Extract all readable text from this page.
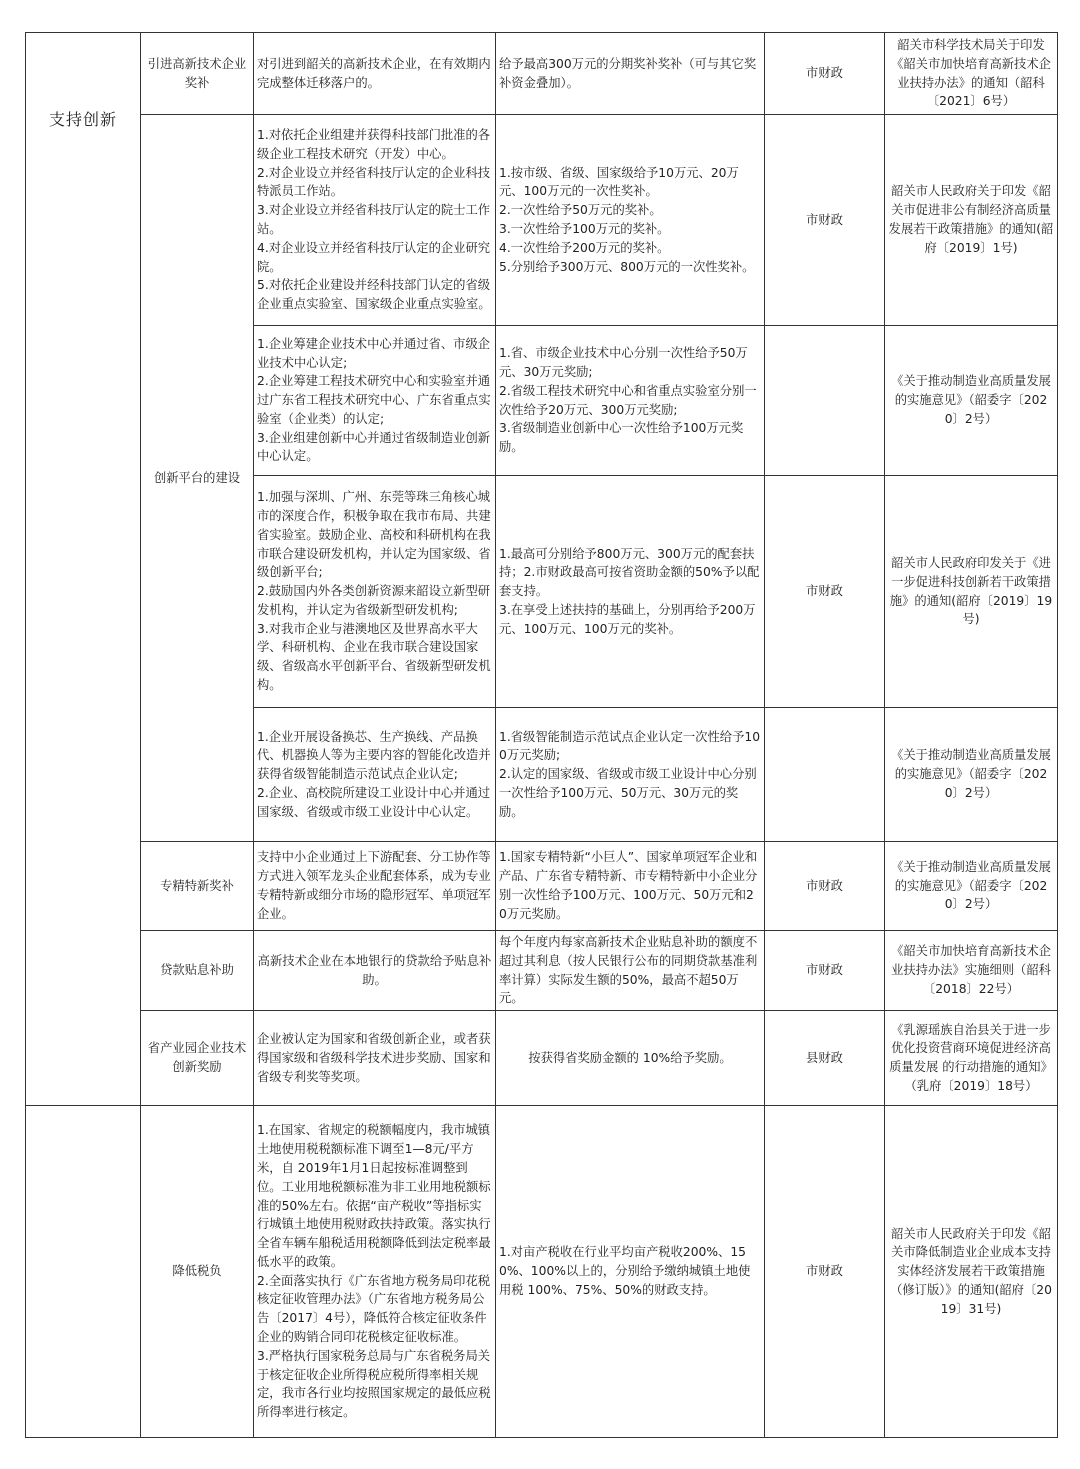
支持创新	引进高新技术企业奖补	对引进到韶关的高新技术企业，在有效期内完成整体迁移落户的。	给予最高300万元的分期奖补奖补（可与其它奖补资金叠加）。	市财政	韶关市科学技术局关于印发《韶关市加快培育高新技术企业扶持办法》的通知（韶科〔2021〕6号）
	创新平台的建设	1.对依托企业组建并获得科技部门批准的各级企业工程技术研究（开发）中心。
2.对企业设立并经省科技厅认定的企业科技特派员工作站。
3.对企业设立并经省科技厅认定的院士工作站。
4.对企业设立并经省科技厅认定的企业研究院。
5.对依托企业建设并经科技部门认定的省级企业重点实验室、国家级企业重点实验室。	1.按市级、省级、国家级给予10万元、20万元、100万元的一次性奖补。
2.一次性给予50万元的奖补。
3.一次性给予100万元的奖补。
4.一次性给予200万元的奖补。
5.分别给予300万元、800万元的一次性奖补。	市财政	韶关市人民政府关于印发《韶关市促进非公有制经济高质量发展若干政策措施》的通知(韶府〔2019〕1号)

		1.企业筹建企业技术中心并通过省、市级企业技术中心认定;
2.企业筹建工程技术研究中心和实验室并通过广东省工程技术研究中心、广东省重点实验室（企业类）的认定;
3.企业组建创新中心并通过省级制造业创新中心认定。	1.省、市级企业技术中心分别一次性给予50万元、30万元奖励;
2.省级工程技术研究中心和省重点实验室分别一次性给予20万元、300万元奖励;
3.省级制造业创新中心一次性给予100万元奖励。		《关于推动制造业高质量发展的实施意见》（韶委字〔2020〕2号）

		1.加强与深圳、广州、东莞等珠三角核心城市的深度合作，积极争取在我市布局、共建省实验室。鼓励企业、高校和科研机构在我市联合建设研发机构，并认定为国家级、省级创新平台;
2.鼓励国内外各类创新资源来韶设立新型研发机构，并认定为省级新型研发机构;
3.对我市企业与港澳地区及世界高水平大学、科研机构、企业在我市联合建设国家级、省级高水平创新平台、省级新型研发机构。	1.最高可分别给予800万元、300万元的配套扶持；2.市财政最高可按省资助金额的50%予以配套支持。
3.在享受上述扶持的基础上，分别再给予200万元、100万元、100万元的奖补。	市财政	韶关市人民政府印发关于《进一步促进科技创新若干政策措施》的通知(韶府〔2019〕19号)

		1.企业开展设备换芯、生产换线、产品换代、机器换人等为主要内容的智能化改造并获得省级智能制造示范试点企业认定;
2.企业、高校院所建设工业设计中心并通过国家级、省级或市级工业设计中心认定。	1.省级智能制造示范试点企业认定一次性给予100万元奖励;
2.认定的国家级、省级或市级工业设计中心分别一次性给予100万元、50万元、30万元的奖励。		《关于推动制造业高质量发展的实施意见》（韶委字〔2020〕2号）
	专精特新奖补	支持中小企业通过上下游配套、分工协作等方式进入领军龙头企业配套体系，成为专业专精特新或细分市场的隐形冠军、单项冠军企业。	1.国家专精特新“小巨人”、国家单项冠军企业和产品、广东省专精特新、市专精特新中小企业分别一次性给予100万元、100万元、50万元和20万元奖励。	市财政	《关于推动制造业高质量发展的实施意见》（韶委字〔2020〕2号）
	贷款贴息补助	高新技术企业在本地银行的贷款给予贴息补助。	每个年度内每家高新技术企业贴息补助的额度不超过其利息（按人民银行公布的同期贷款基准利率计算）实际发生额的50%，最高不超50万元。	市财政	《韶关市加快培育高新技术企业扶持办法》实施细则（韶科〔2018〕22号）
	省产业园企业技术创新奖励	企业被认定为国家和省级创新企业，或者获得国家级和省级科学技术进步奖励、国家和省级专利奖等奖项。	按获得省奖励金额的 10%给予奖励。	县财政	《乳源瑶族自治县关于进一步优化投资营商环境促进经济高质量发展 的行动措施的通知》（乳府〔2019〕18号）
	降低税负	1.在国家、省规定的税额幅度内，我市城镇土地使用税税额标准下调至1—8元/平方米，自 2019年1月1日起按标准调整到位。工业用地税额标准为非工业用地税额标准的50%左右。依据“亩产税收”等指标实行城镇土地使用税财政扶持政策。落实执行全省车辆车船税适用税额降低到法定税率最低水平的政策。
2.全面落实执行《广东省地方税务局印花税核定征收管理办法》（广东省地方税务局公告〔2017〕4号），降低符合核定征收条件企业的购销合同印花税核定征收标准。
3.严格执行国家税务总局与广东省税务局关于核定征收企业所得税应税所得率相关规定，我市各行业均按照国家规定的最低应税所得率进行核定。	1.对亩产税收在行业平均亩产税收200%、150%、100%以上的，分别给予缴纳城镇土地使用税 100%、75%、50%的财政支持。	市财政	韶关市人民政府关于印发《韶关市降低制造业企业成本支持实体经济发展若干政策措施（修订版）》的通知(韶府〔2019〕31号)
